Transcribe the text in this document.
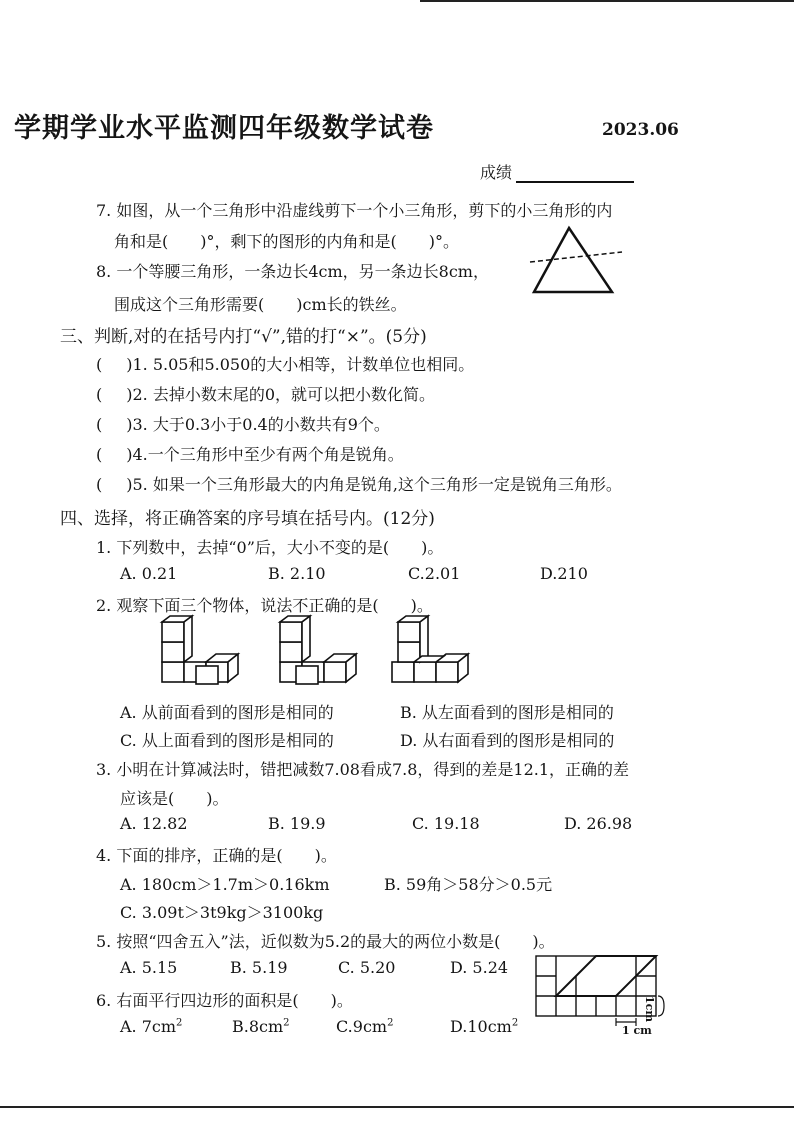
学期学业水平监测四年级数学试卷	2023.06
成绩
7. 如图，从一个三角形中沿虚线剪下一个小三角形，剪下的小三角形的内
角和是(　　)°，剩下的图形的内角和是(　　)°。
8. 一个等腰三角形，一条边长4cm，另一条边长8cm，
围成这个三角形需要(　　)cm长的铁丝。
三、判断,对的在括号内打“√”,错的打“×”。(5分)
( )1. 5.05和5.050的大小相等，计数单位也相同。
( )2. 去掉小数末尾的0，就可以把小数化简。
( )3. 大于0.3小于0.4的小数共有9个。
( )4.一个三角形中至少有两个角是锐角。
( )5. 如果一个三角形最大的内角是锐角,这个三角形一定是锐角三角形。
四、选择，将正确答案的序号填在括号内。(12分)
1. 下列数中，去掉“0”后，大小不变的是(　　)。
A. 0.21	B. 2.10	C.2.01	D.210
2. 观察下面三个物体，说法不正确的是(　　)。
A. 从前面看到的图形是相同的	B. 从左面看到的图形是相同的
C. 从上面看到的图形是相同的	D. 从右面看到的图形是相同的
3. 小明在计算减法时，错把减数7.08看成7.8，得到的差是12.1，正确的差
应该是(　　)。
A. 12.82	B. 19.9	C. 19.18	D. 26.98
4. 下面的排序，正确的是(　　)。
A. 180cm＞1.7m＞0.16km	B. 59角＞58分＞0.5元
C. 3.09t＞3t9kg＞3100kg
5. 按照“四舍五入”法，近似数为5.2的最大的两位小数是(　　)。
A. 5.15	B. 5.19	C. 5.20	D. 5.24
1cm
1 cm
6. 右面平行四边形的面积是(　　)。
A. $7cm^2$	$B.8cm^2$	$C.9cm^2$	$D.10cm^2$
